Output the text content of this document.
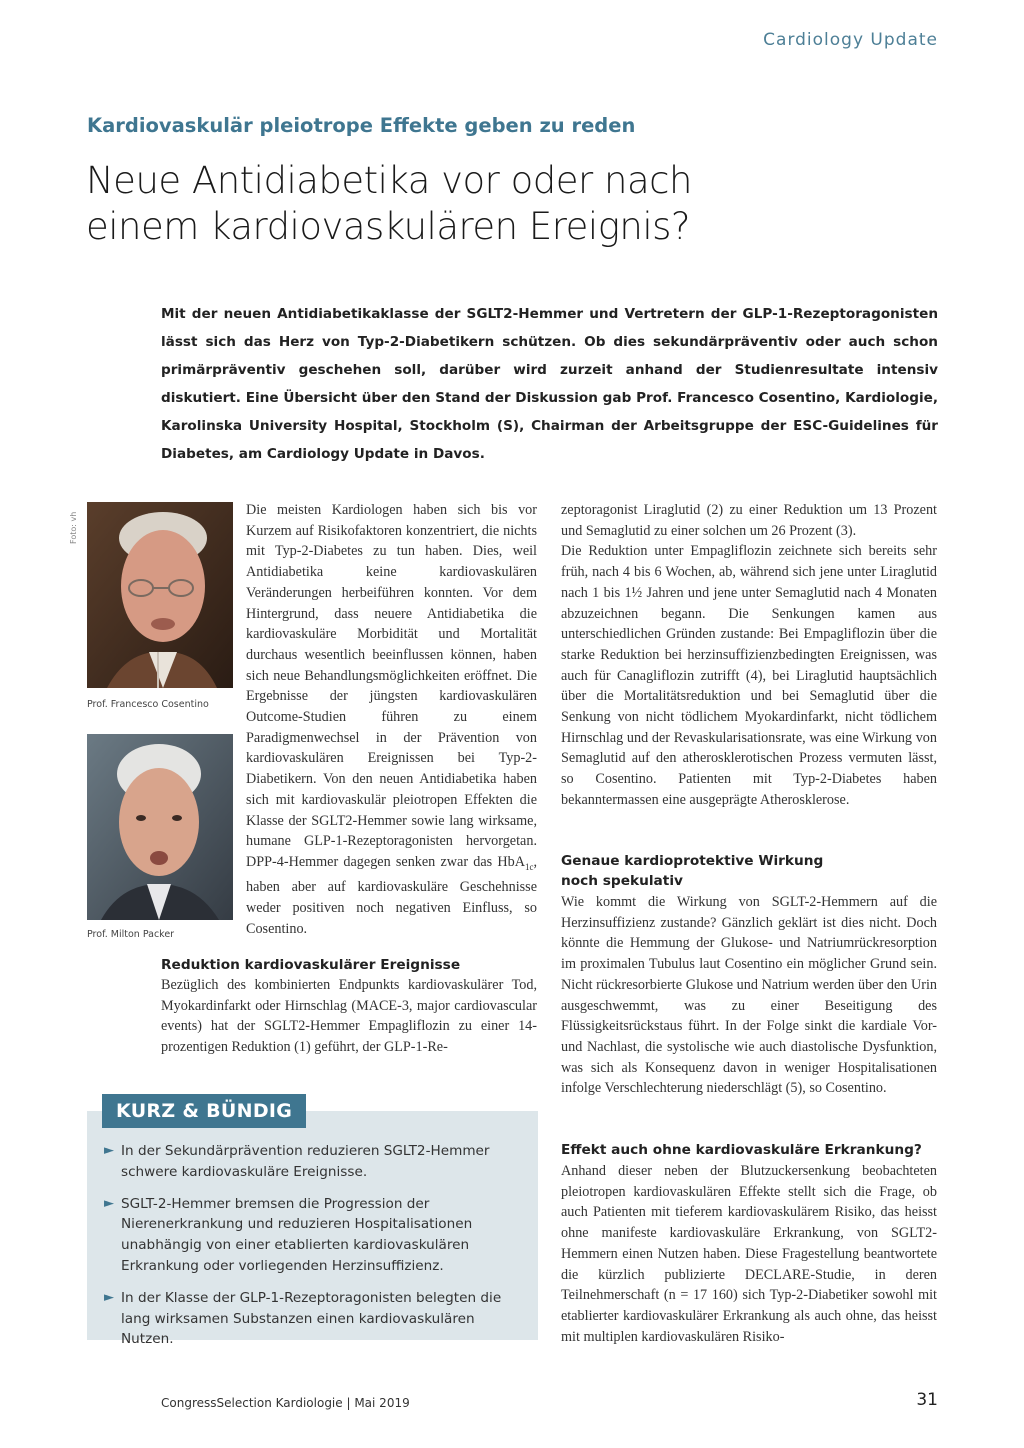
Cardiology Update
Kardiovaskulär pleiotrope Effekte geben zu reden
Neue Antidiabetika vor oder nach
einem kardiovaskulären Ereignis?
Mit der neuen Antidiabetikaklasse der SGLT2-Hemmer und Vertretern der GLP-1-Rezeptoragonisten lässt sich das Herz von Typ-2-Diabetikern schützen. Ob dies sekundärpräventiv oder auch schon primärpräventiv geschehen soll, darüber wird zurzeit anhand der Studienresultate intensiv diskutiert. Eine Übersicht über den Stand der Diskussion gab Prof. Francesco Cosentino, Kardiologie, Karolinska University Hospital, Stockholm (S), Chairman der Arbeitsgruppe der ESC-Guidelines für Diabetes, am Cardiology Update in Davos.
Foto: vh
Prof. Francesco Cosentino
Prof. Milton Packer

Die meisten Kardiologen haben sich bis vor Kurzem auf Risikofaktoren konzentriert, die nichts mit Typ-2-Diabetes zu tun haben. Dies, weil Antidiabetika keine kardiovaskulären Veränderungen herbeiführen konnten. Vor dem Hintergrund, dass neuere Antidiabetika die kardiovaskuläre Morbidität und Mortalität durchaus wesentlich beeinflussen können, haben sich neue Behandlungsmöglichkeiten eröffnet. Die Ergebnisse der jüngsten kardiovaskulären Outcome-Studien führen zu einem Paradigmenwechsel in der Prävention von kardiovaskulären Ereignissen bei Typ-2-Diabetikern. Von den neuen Antidiabetika haben sich mit kardiovaskulär pleiotropen Effekten die Klasse der SGLT2-Hemmer sowie lang wirksame, humane GLP-1-Rezeptoragonisten hervorgetan. DPP-4-Hemmer dagegen senken zwar das HbA$_{1c}$, haben aber auf kardiovaskuläre Geschehnisse weder positiven noch negativen Einfluss, so Cosentino.

Reduktion kardiovaskulärer Ereignisse

Bezüglich des kombinierten Endpunkts kardiovaskulärer Tod, Myokardinfarkt oder Hirnschlag (MACE-3, major cardiovascular events) hat der SGLT2-Hemmer Empagliflozin zu einer 14-prozentigen Reduktion (1) geführt, der GLP-1-Re-

zeptoragonist Liraglutid (2) zu einer Reduktion um 13 Prozent und Semaglutid zu einer solchen um 26 Prozent (3).

Die Reduktion unter Empagliflozin zeichnete sich bereits sehr früh, nach 4 bis 6 Wochen, ab, während sich jene unter Liraglutid nach 1 bis 1½ Jahren und jene unter Semaglutid nach 4 Monaten abzuzeichnen begann. Die Senkungen kamen aus unterschiedlichen Gründen zustande: Bei Empagliflozin über die starke Reduktion bei herzinsuffizienzbedingten Ereignissen, was auch für Canagliflozin zutrifft (4), bei Liraglutid hauptsächlich über die Mortalitätsreduktion und bei Semaglutid über die Senkung von nicht tödlichem Myokardinfarkt, nicht tödlichem Hirnschlag und der Revaskularisationsrate, was eine Wirkung von Semaglutid auf den atherosklerotischen Prozess vermuten lässt, so Cosentino. Patienten mit Typ-2-Diabetes haben bekanntermassen eine ausgeprägte Atherosklerose.

Genaue kardioprotektive Wirkung
noch spekulativ

Wie kommt die Wirkung von SGLT-2-Hemmern auf die Herzinsuffizienz zustande? Gänzlich geklärt ist dies nicht. Doch könnte die Hemmung der Glukose- und Natriumrückresorption im proximalen Tubulus laut Cosentino ein möglicher Grund sein. Nicht rückresorbierte Glukose und Natrium werden über den Urin ausgeschwemmt, was zu einer Beseitigung des Flüssigkeitsrückstaus führt. In der Folge sinkt die kardiale Vor- und Nachlast, die systolische wie auch diastolische Dysfunktion, was sich als Konsequenz davon in weniger Hospitalisationen infolge Verschlechterung niederschlägt (5), so Cosentino.

Effekt auch ohne kardiovaskuläre Erkrankung?

Anhand dieser neben der Blutzuckersenkung beobachteten pleiotropen kardiovaskulären Effekte stellt sich die Frage, ob auch Patienten mit tieferem kardiovaskulärem Risiko, das heisst ohne manifeste kardiovaskuläre Erkrankung, von SGLT2-Hemmern einen Nutzen haben. Diese Fragestellung beantwortete die kürzlich publizierte DECLARE-Studie, in deren Teilnehmerschaft (n = 17 160) sich Typ-2-Diabetiker sowohl mit etablierter kardiovaskulärer Erkrankung als auch ohne, das heisst mit multiplen kardiovaskulären Risiko-

KURZ & BÜNDIG
► In der Sekundärprävention reduzieren SGLT2-Hemmer schwere kardiovaskuläre Ereignisse.
► SGLT-2-Hemmer bremsen die Progression der Nierenerkrankung und reduzieren Hospitalisationen unabhängig von einer etablierten kardiovaskulären Erkrankung oder vorliegenden Herzinsuffizienz.
► In der Klasse der GLP-1-Rezeptoragonisten belegten die lang wirksamen Substanzen einen kardiovaskulären Nutzen.
CongressSelection Kardiologie | Mai 2019	31
